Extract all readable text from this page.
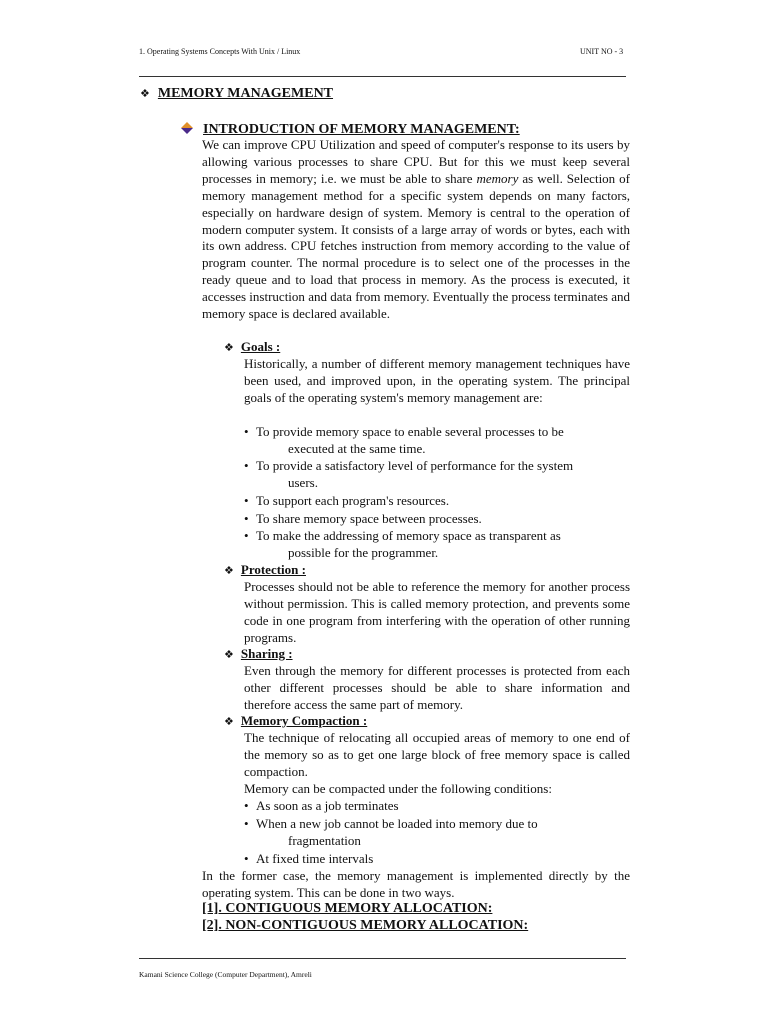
1. Operating Systems Concepts With Unix / Linux	UNIT NO - 3
❖ MEMORY MANAGEMENT
INTRODUCTION OF MEMORY MANAGEMENT:
We can improve CPU Utilization and speed of computer's response to its users by allowing various processes to share CPU. But for this we must keep several processes in memory; i.e. we must be able to share memory as well. Selection of memory management method for a specific system depends on many factors, especially on hardware design of system. Memory is central to the operation of modern computer system. It consists of a large array of words or bytes, each with its own address. CPU fetches instruction from memory according to the value of program counter. The normal procedure is to select one of the processes in the ready queue and to load that process in memory. As the process is executed, it accesses instruction and data from memory. Eventually the process terminates and memory space is declared available.
❖ Goals :
Historically, a number of different memory management techniques have been used, and improved upon, in the operating system. The principal goals of the operating system's memory management are:
• To provide memory space to enable several processes to be
executed at the same time.
• To provide a satisfactory level of performance for the system
users.
• To support each program's resources.
• To share memory space between processes.
• To make the addressing of memory space as transparent as
possible for the programmer.
❖ Protection :
Processes should not be able to reference the memory for another process without permission. This is called memory protection, and prevents some code in one program from interfering with the operation of other running programs.
❖ Sharing :
Even through the memory for different processes is protected from each other different processes should be able to share information and therefore access the same part of memory.
❖ Memory Compaction :
The technique of relocating all occupied areas of memory to one end of the memory so as to get one large block of free memory space is called compaction.
Memory can be compacted under the following conditions:
• As soon as a job terminates
• When a new job cannot be loaded into memory due to
fragmentation
• At fixed time intervals
In the former case, the memory management is implemented directly by the operating system. This can be done in two ways.
[1]. CONTIGUOUS MEMORY ALLOCATION:
[2]. NON-CONTIGUOUS MEMORY ALLOCATION:
Kamani Science College (Computer Department), Amreli
